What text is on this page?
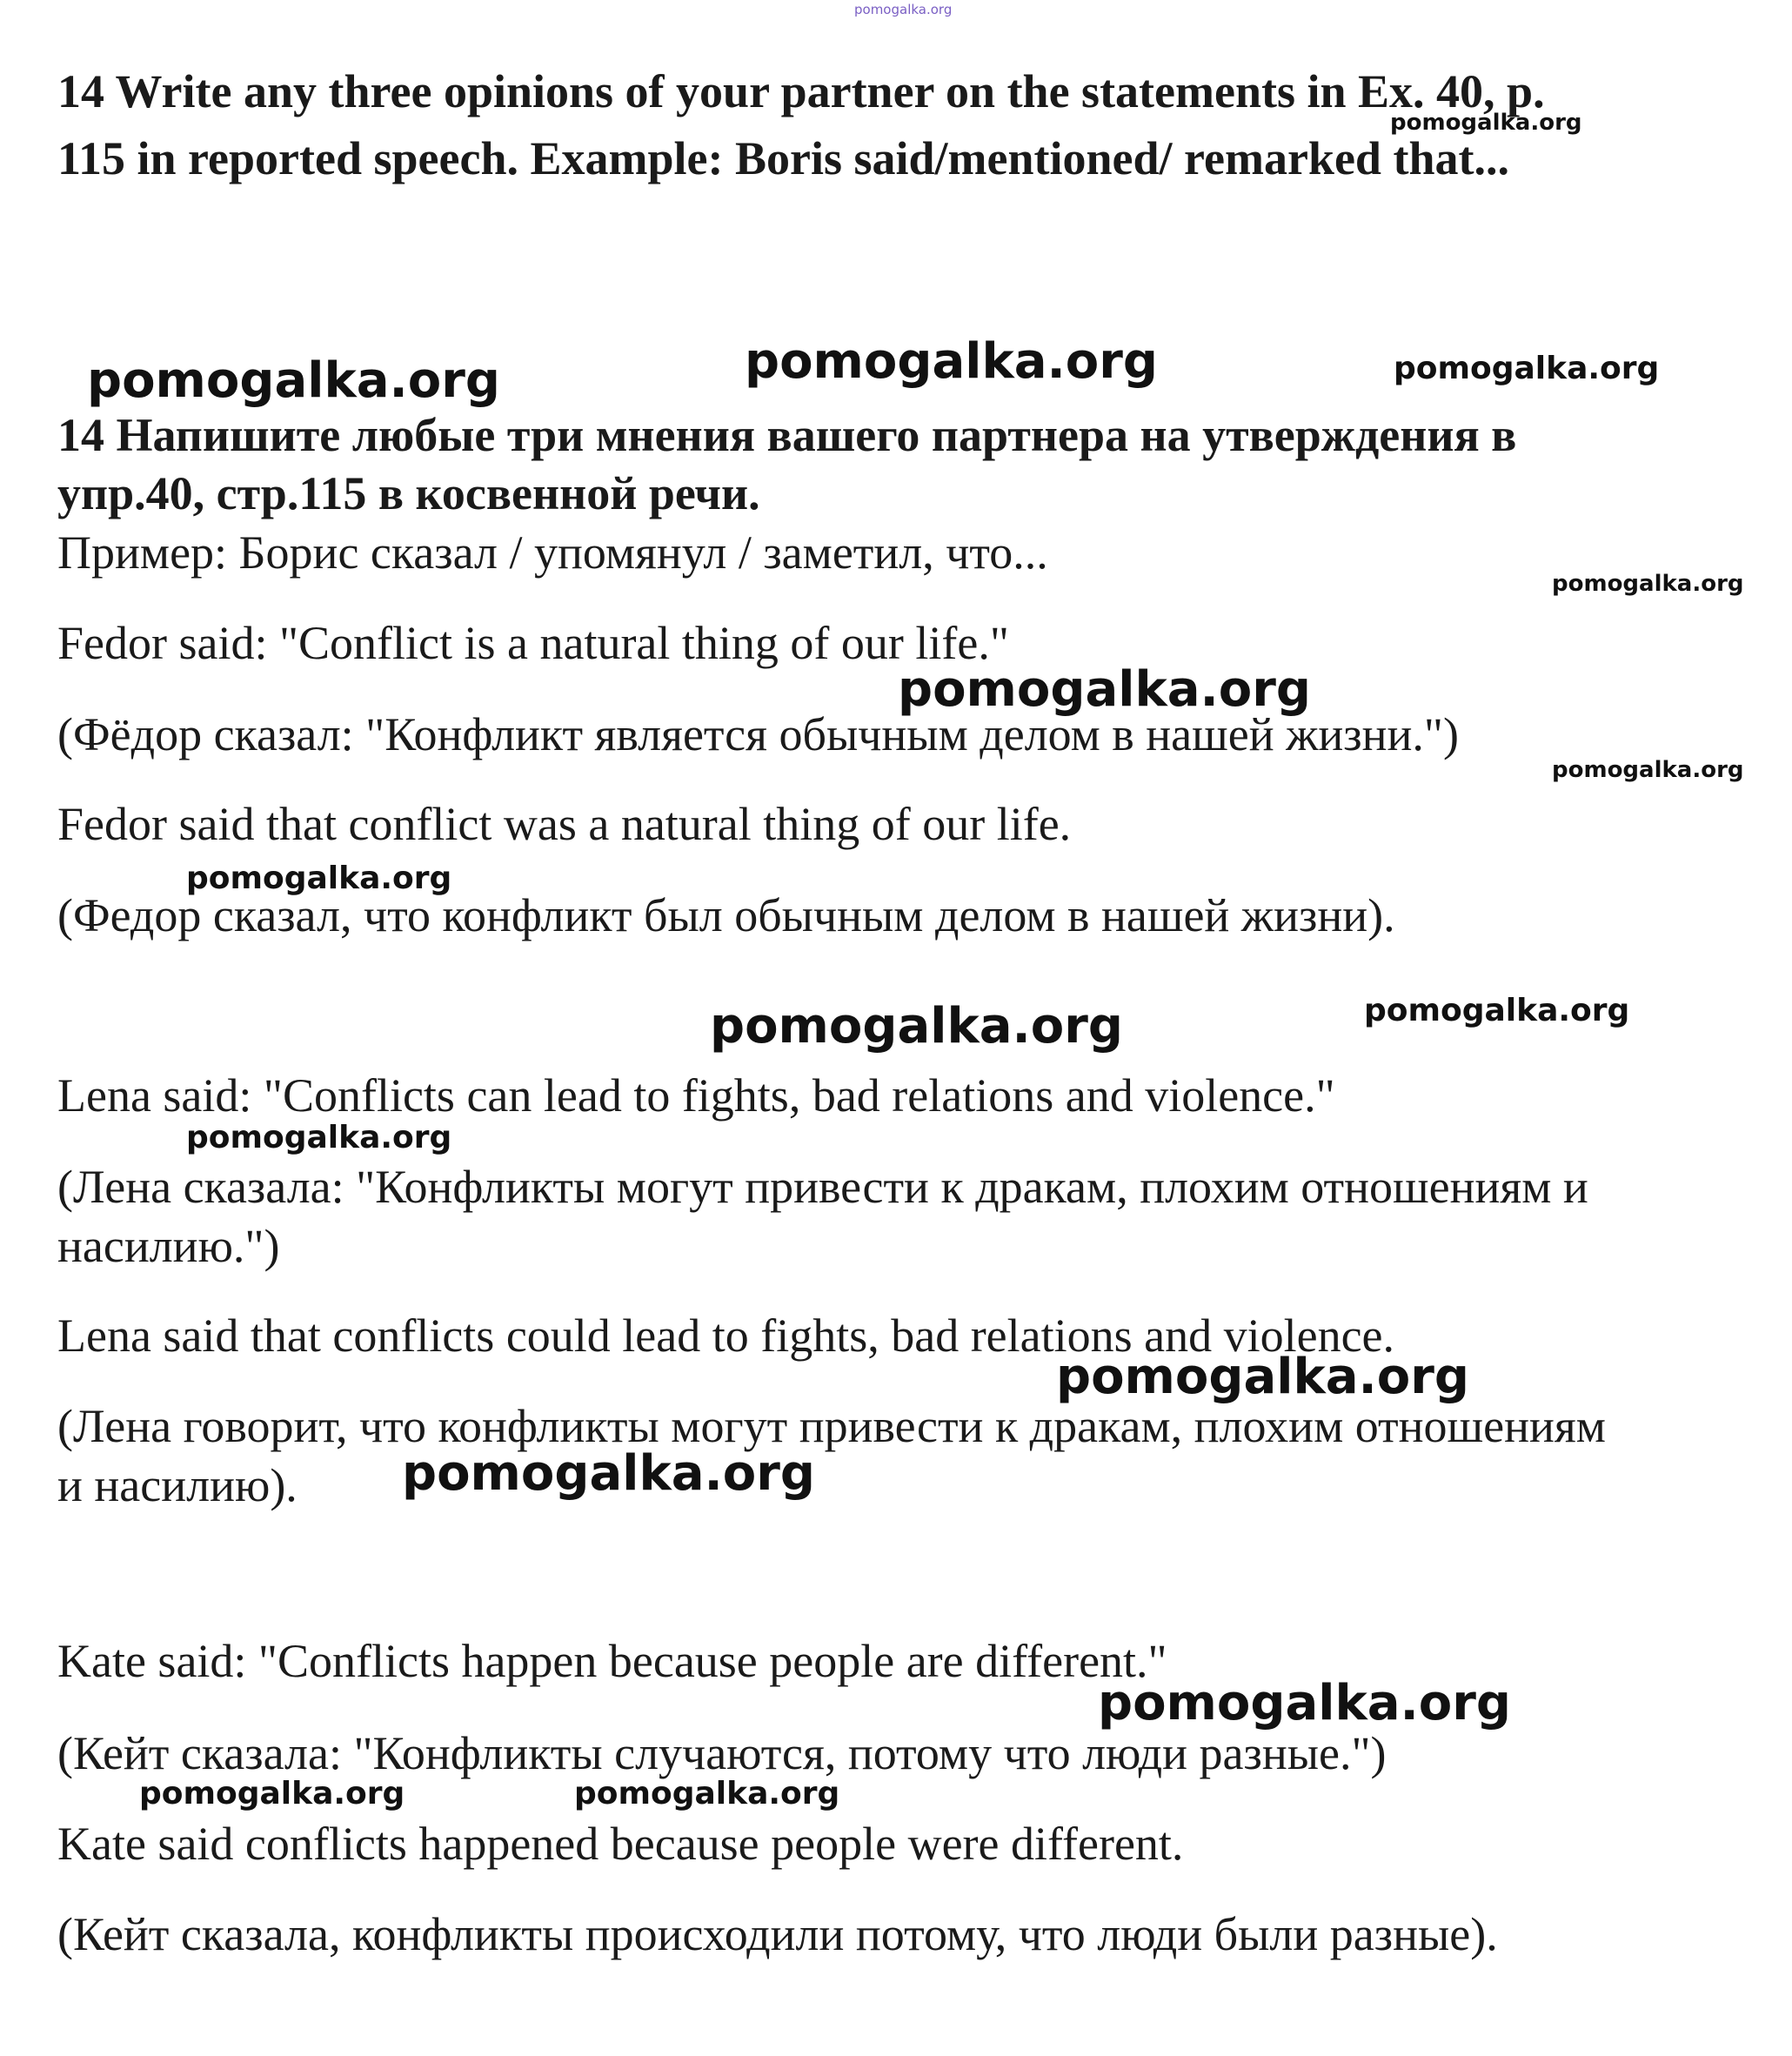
pomogalka.org
14 Write any three opinions of your partner on the statements in Ex. 40, p.
pomogalka.org
115 in reported speech. Example: Boris said/mentioned/ remarked that...
pomogalka.org	pomogalka.org	pomogalka.org
14 Напишите любые три мнения вашего партнера на утверждения в
упр.40, стр.115 в косвенной речи.
Пример: Борис сказал / упомянул / заметил, что...
pomogalka.org
Fedor said: "Conflict is a natural thing of our life."
pomogalka.org
(Фёдор сказал: "Конфликт является обычным делом в нашей жизни.")
pomogalka.org
Fedor said that conflict was a natural thing of our life.
pomogalka.org
(Федор сказал, что конфликт был обычным делом в нашей жизни).
pomogalka.org	pomogalka.org
Lena said: "Conflicts can lead to fights, bad relations and violence."
pomogalka.org
(Лена сказала: "Конфликты могут привести к дракам, плохим отношениям и
насилию.")
Lena said that conflicts could lead to fights, bad relations and violence.
pomogalka.org
(Лена говорит, что конфликты могут привести к дракам, плохим отношениям
и насилию). pomogalka.org
Kate said: "Conflicts happen because people are different."
pomogalka.org
(Кейт сказала: "Конфликты случаются, потому что люди разные.")
pomogalka.org	pomogalka.org
Kate said conflicts happened because people were different.
(Кейт сказала, конфликты происходили потому, что люди были разные).
